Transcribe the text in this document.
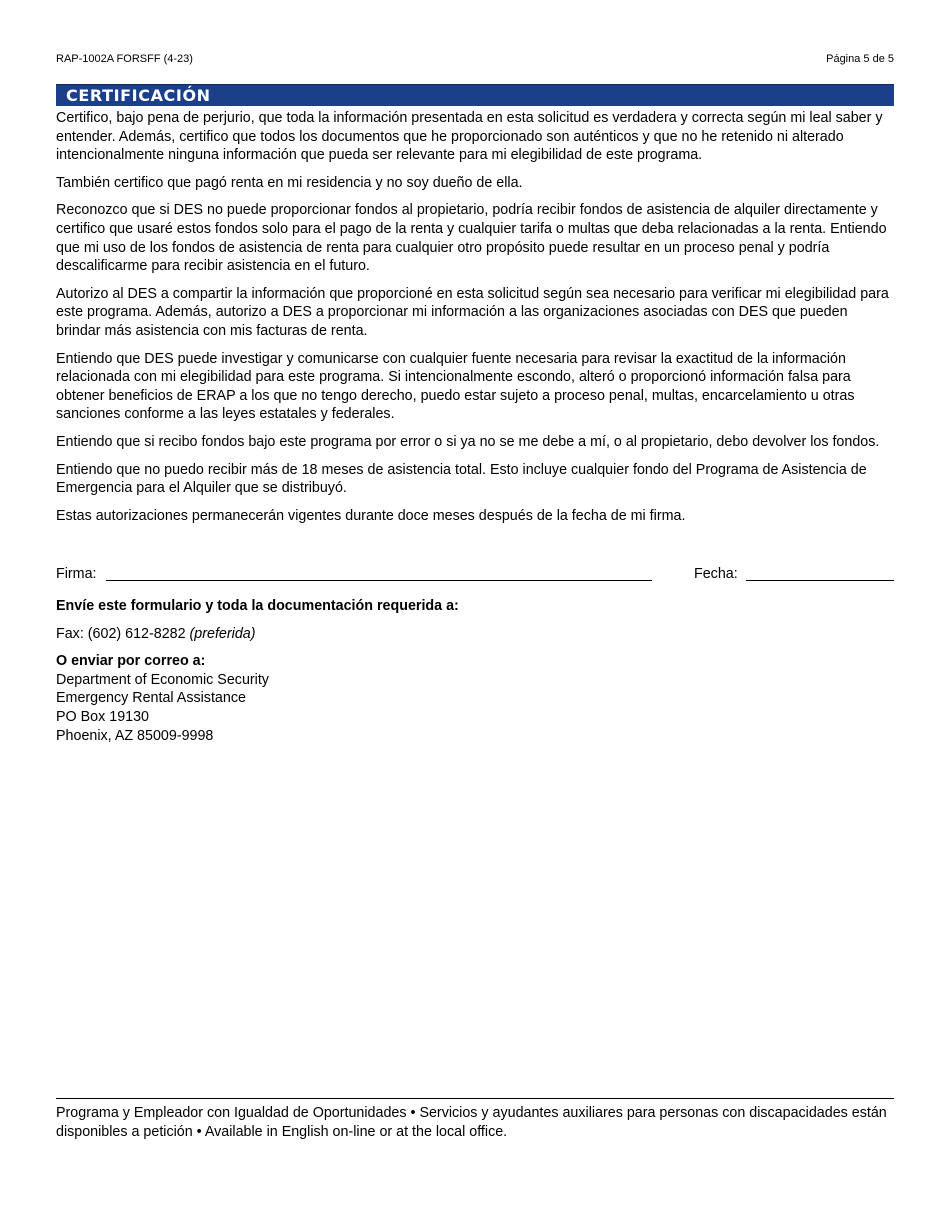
RAP-1002A FORSFF (4-23)	Página 5 de 5
CERTIFICACIÓN

Certifico, bajo pena de perjurio, que toda la información presentada en esta solicitud es verdadera y correcta según mi leal saber y entender. Además, certifico que todos los documentos que he proporcionado son auténticos y que no he retenido ni alterado intencionalmente ninguna información que pueda ser relevante para mi elegibilidad de este programa.

También certifico que pagó renta en mi residencia y no soy dueño de ella.

Reconozco que si DES no puede proporcionar fondos al propietario, podría recibir fondos de asistencia de alquiler directamente y certifico que usaré estos fondos solo para el pago de la renta y cualquier tarifa o multas que deba relacionadas a la renta. Entiendo que mi uso de los fondos de asistencia de renta para cualquier otro propósito puede resultar en un proceso penal y podría descalificarme para recibir asistencia en el futuro.

Autorizo al DES a compartir la información que proporcioné en esta solicitud según sea necesario para verificar mi elegibilidad para este programa. Además, autorizo a DES a proporcionar mi información a las organizaciones asociadas con DES que pueden brindar más asistencia con mis facturas de renta.

Entiendo que DES puede investigar y comunicarse con cualquier fuente necesaria para revisar la exactitud de la información relacionada con mi elegibilidad para este programa. Si intencionalmente escondo, alteró o proporcionó información falsa para obtener beneficios de ERAP a los que no tengo derecho, puedo estar sujeto a proceso penal, multas, encarcelamiento u otras sanciones conforme a las leyes estatales y federales.

Entiendo que si recibo fondos bajo este programa por error o si ya no se me debe a mí, o al propietario, debo devolver los fondos.

Entiendo que no puedo recibir más de 18 meses de asistencia total. Esto incluye cualquier fondo del Programa de Asistencia de Emergencia para el Alquiler que se distribuyó.

Estas autorizaciones permanecerán vigentes durante doce meses después de la fecha de mi firma.

Firma:	Fecha:
Envíe este formulario y toda la documentación requerida a:
Fax: (602) 612-8282 (preferida)
O enviar por correo a:
Department of Economic Security
Emergency Rental Assistance
PO Box 19130
Phoenix, AZ 85009-9998
Programa y Empleador con Igualdad de Oportunidades • Servicios y ayudantes auxiliares para personas con discapacidades están disponibles a petición • Available in English on-line or at the local office.
